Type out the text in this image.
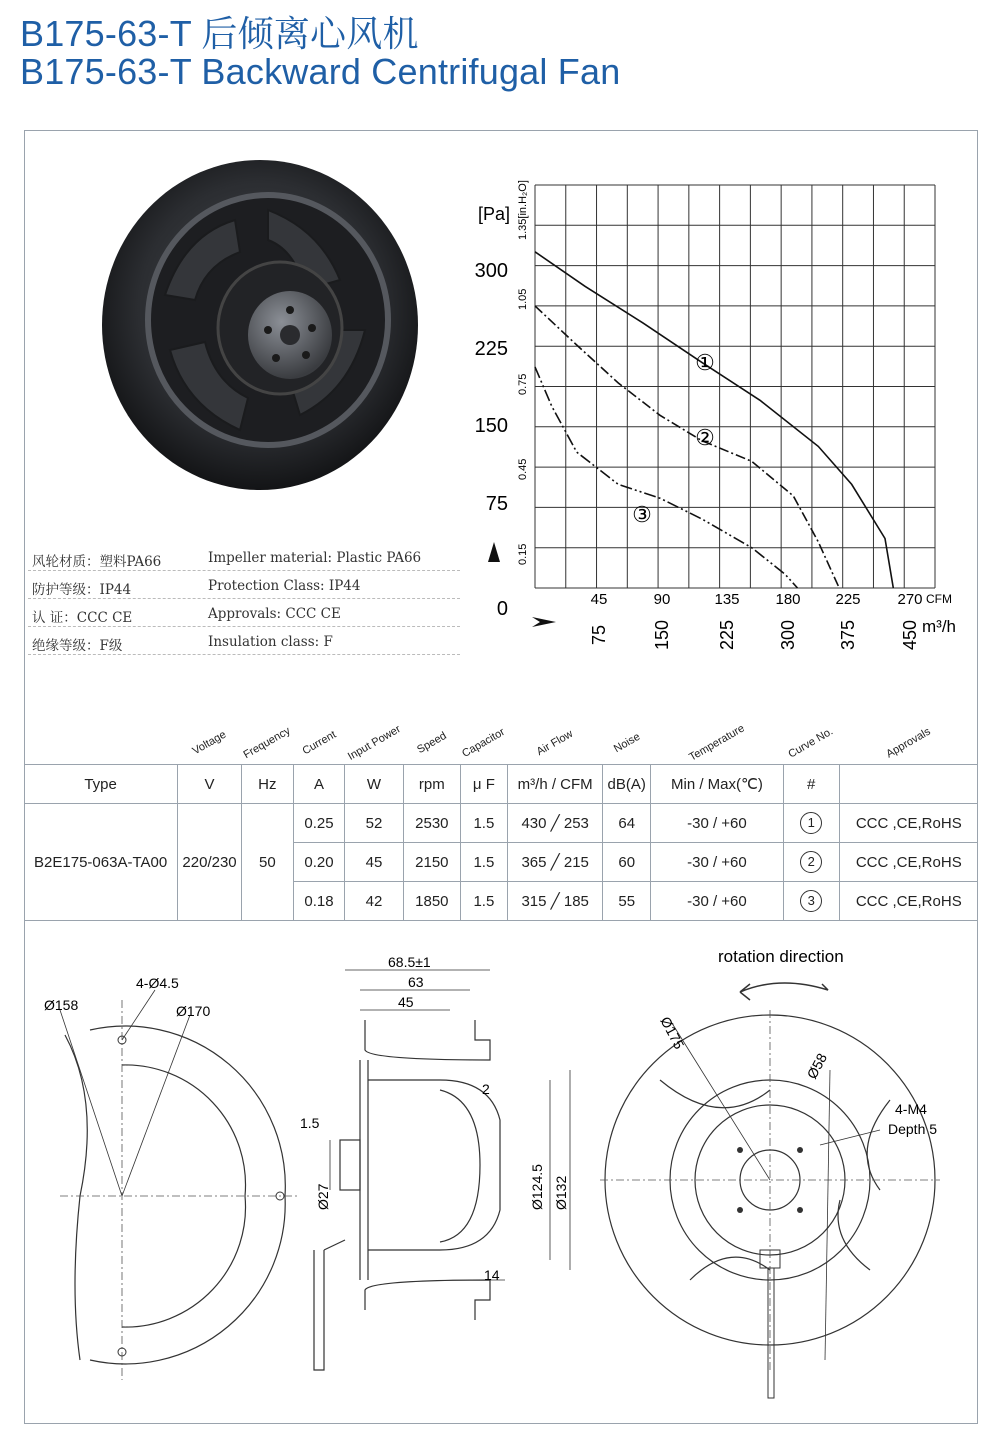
B175-63-T 后倾离心风机
B175-63-T Backward Centrifugal Fan
风轮材质：塑料PA66	Impeller material: Plastic PA66
防护等级：IP44	Protection Class: IP44
认 证：CCC CE	Approvals: CCC CE
绝缘等级：F级	Insulation class: F
①
②
③
0
75
150
225
300
[Pa] 1.35[in.H₂O]
0.15
0.45
0.75
1.05
45	90	135 180 225 270 CFM
75 150	225 300 375 450 m³/h
	Voltage	Frequency	Current	Input Power	Speed	Capacitor	Air Flow	Noise	Temperature	Curve No.	Approvals
Type	V	Hz	A	W	rpm	μ F	m³/h / CFM	dB(A)	Min / Max(℃)	#	
B2E175-063A-TA00	220/230	50	0.25	52	2530	1.5	430 ╱ 253	64	-30 / +60	1	CCC ,CE,RoHS
			0.20	45	2150	1.5	365 ╱ 215	60	-30 / +60	2	CCC ,CE,RoHS
			0.18	42	1850	1.5	315 ╱ 185	55	-30 / +60	3	CCC ,CE,RoHS
Ø158
4-Ø4.5
Ø170
68.5±1
63
45
1.5
2
Ø27	Ø124.5 Ø132
14
rotation direction
Ø175
Ø58
4-M4
Depth 5
